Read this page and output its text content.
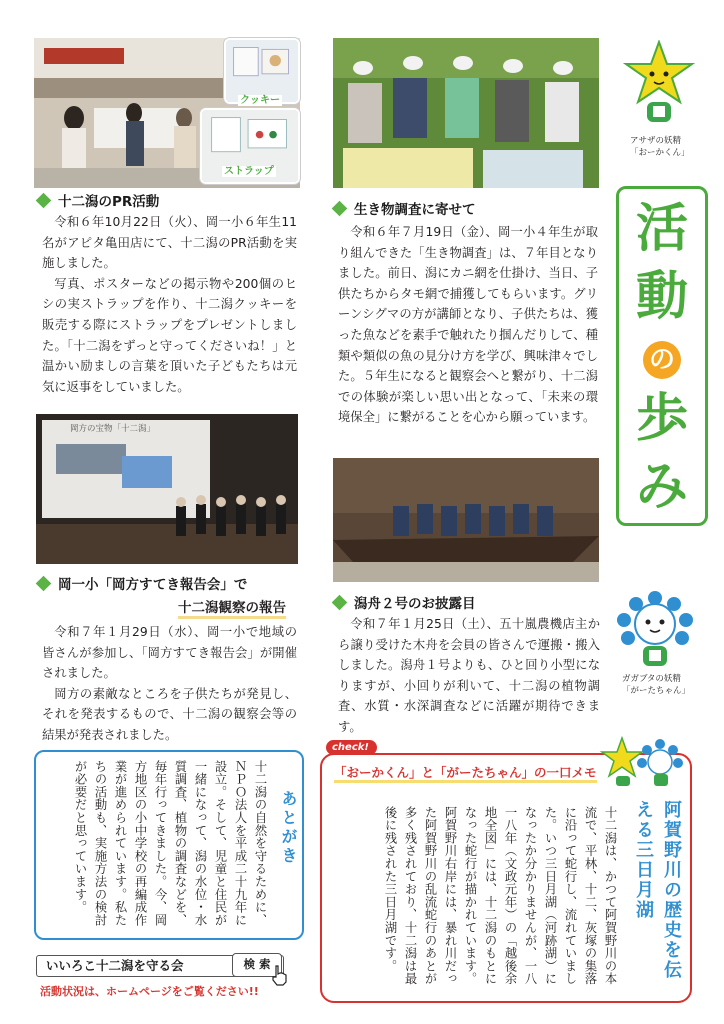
クッキー
ストラップ
岡方の宝物「十二潟」
アサザの妖精
「おーかくん」
活
動
の
歩
み
ガガブタの妖精
「がーたちゃん」
十二潟のPR活動

令和６年10月22日（火）、岡一小６年生11名がアピタ亀田店にて、十二潟のPR活動を実施しました。

写真、ポスターなどの掲示物や200個のヒシの実ストラップを作り、十二潟クッキーを販売する際にストラップをプレゼントしました。「十二潟をずっと守ってくださいね！」と温かい励ましの言葉を頂いた子どもたちは元気に返事をしていました。

生き物調査に寄せて

令和６年７月19日（金）、岡一小４年生が取り組んできた「生き物調査」は、７年目となりました。前日、潟にカニ網を仕掛け、当日、子供たちからタモ網で捕獲してもらいます。グリーンシグマの方が講師となり、子供たちは、獲った魚などを素手で触れたり掴んだりして、種類や類似の魚の見分け方を学び、興味津々でした。５年生になると観察会へと繋がり、十二潟での体験が楽しい思い出となって、「未来の環境保全」に繋がることを心から願っています。

岡一小「岡方すてき報告会」で
十二潟観察の報告

令和７年１月29日（水）、岡一小で地域の皆さんが参加し、「岡方すてき報告会」が開催されました。

岡方の素敵なところを子供たちが発見し、それを発表するもので、十二潟の観察会等の結果が発表されました。

潟舟２号のお披露目

令和７年１月25日（土）、五十嵐農機店主から譲り受けた木舟を会員の皆さんで運搬・搬入しました。潟舟１号よりも、ひと回り小型になりますが、小回りが利いて、十二潟の植物調査、水質・水深調査などに活躍が期待できます。

十二潟の自然を守るために、ＮＰＯ法人を平成二十九年に設立。そして、児童と住民が一緒になって、潟の水位・水質調査、植物の調査などを、毎年行ってきました。今、岡方地区の小中学校の再編成作業が進められています。私たちの活動も、実施方法の検討が必要だと思っています。	あとがき
check!
「おーかくん」と「がーたちゃん」の一口メモ
阿賀野川の歴史を伝える三日月湖
十二潟は、かつて阿賀野川の本流で、平林、十二、灰塚の集落に沿って蛇行し、流れていました。いつ三日月湖（河跡湖）になったか分かりませんが、一八一八年（文政元年）の「越後余地全図」には、十二潟のもとになった蛇行が描かれています。阿賀野川右岸には、暴れ川だった阿賀野川の乱流蛇行のあとが多く残されており、十二潟は最後に残された三日月湖です。
いいろこ十二潟を守る会	検 索
活動状況は、ホームページをご覧ください!!
